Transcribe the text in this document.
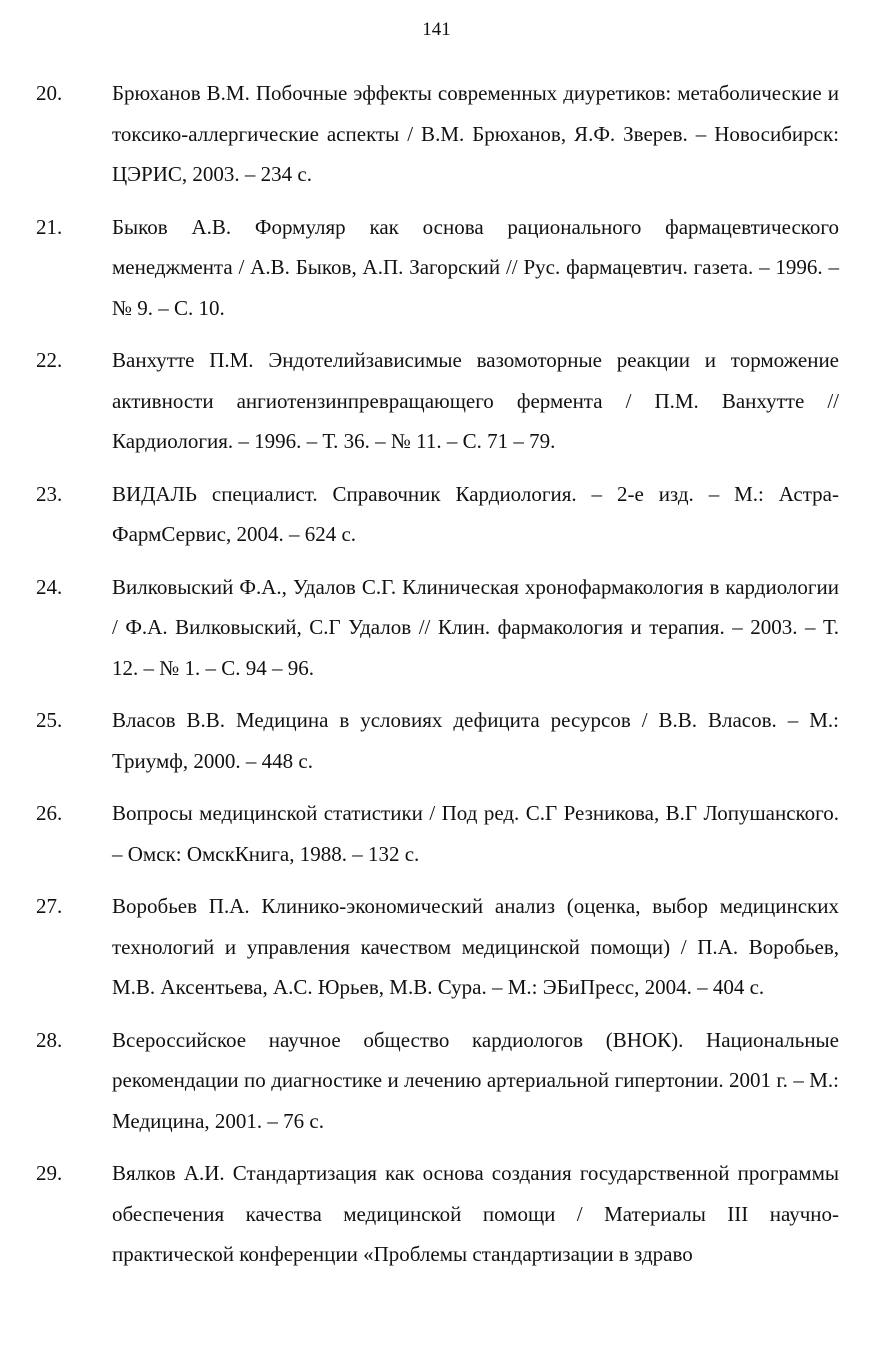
141
20. Брюханов В.М. Побочные эффекты современных диуретиков: метаболические и токсико-аллергические аспекты / В.М. Брюханов, Я.Ф. Зверев. – Новосибирск: ЦЭРИС, 2003. – 234 с.
21. Быков А.В. Формуляр как основа рационального фармацевтического менеджмента / А.В. Быков, А.П. Загорский // Рус. фармацевтич. газета. – 1996. – № 9. – С. 10.
22. Ванхутте П.М. Эндотелийзависимые вазомоторные реакции и торможение активности ангиотензинпревращающего фермента / П.М. Ванхутте // Кардиология. – 1996. – Т. 36. – № 11. – С. 71 – 79.
23. ВИДАЛЬ специалист. Справочник Кардиология. – 2-е изд. – М.: АстраФармСервис, 2004. – 624 с.
24. Вилковыский Ф.А., Удалов С.Г. Клиническая хронофармакология в кардиологии / Ф.А. Вилковыский, С.Г Удалов // Клин. фармакология и терапия. – 2003. – Т. 12. – № 1. – С. 94 – 96.
25. Власов В.В. Медицина в условиях дефицита ресурсов / В.В. Власов. – М.: Триумф, 2000. – 448 с.
26. Вопросы медицинской статистики / Под ред. С.Г Резникова, В.Г Лопушанского. – Омск: ОмскКнига, 1988. – 132 с.
27. Воробьев П.А. Клинико-экономический анализ (оценка, выбор медицинских технологий и управления качеством медицинской помощи) / П.А. Воробьев, М.В. Аксентьева, А.С. Юрьев, М.В. Сура. – М.: ЭБиПресс, 2004. – 404 с.
28. Всероссийское научное общество кардиологов (ВНОК). Национальные рекомендации по диагностике и лечению артериальной гипертонии. 2001 г. – М.: Медицина, 2001. – 76 с.
29. Вялков А.И. Стандартизация как основа создания государственной программы обеспечения качества медицинской помощи / Материалы III научно-практической конференции «Проблемы стандартизации в здраво
